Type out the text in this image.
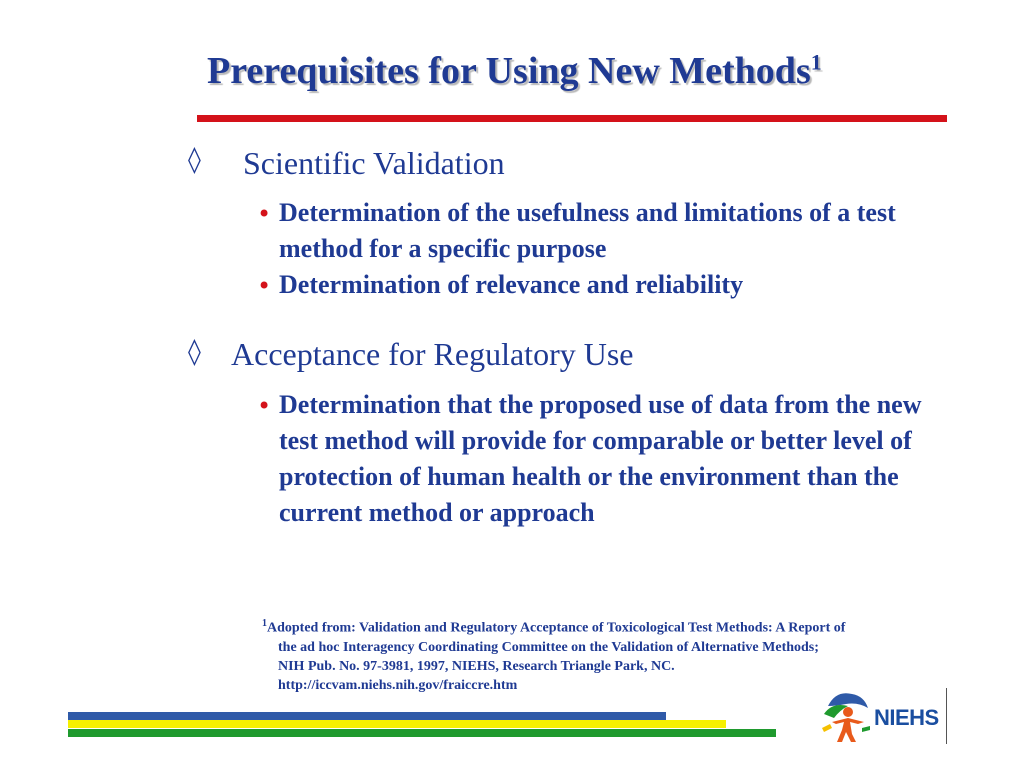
Prerequisites for Using New Methods$^1$
◊ Scientific Validation
• Determination of the usefulness and limitations of a test method for a specific purpose
• Determination of relevance and reliability
◊ Acceptance for Regulatory Use
• Determination that the proposed use of data from the new test method will provide for comparable or better level of protection of human health or the environment than the current method or approach
$^1$Adopted from: Validation and Regulatory Acceptance of Toxicological Test Methods: A Report of
the ad hoc Interagency Coordinating Committee on the Validation of Alternative Methods;
NIH Pub. No. 97-3981, 1997, NIEHS, Research Triangle Park, NC.
http://iccvam.niehs.nih.gov/fraiccre.htm
NIEHS
